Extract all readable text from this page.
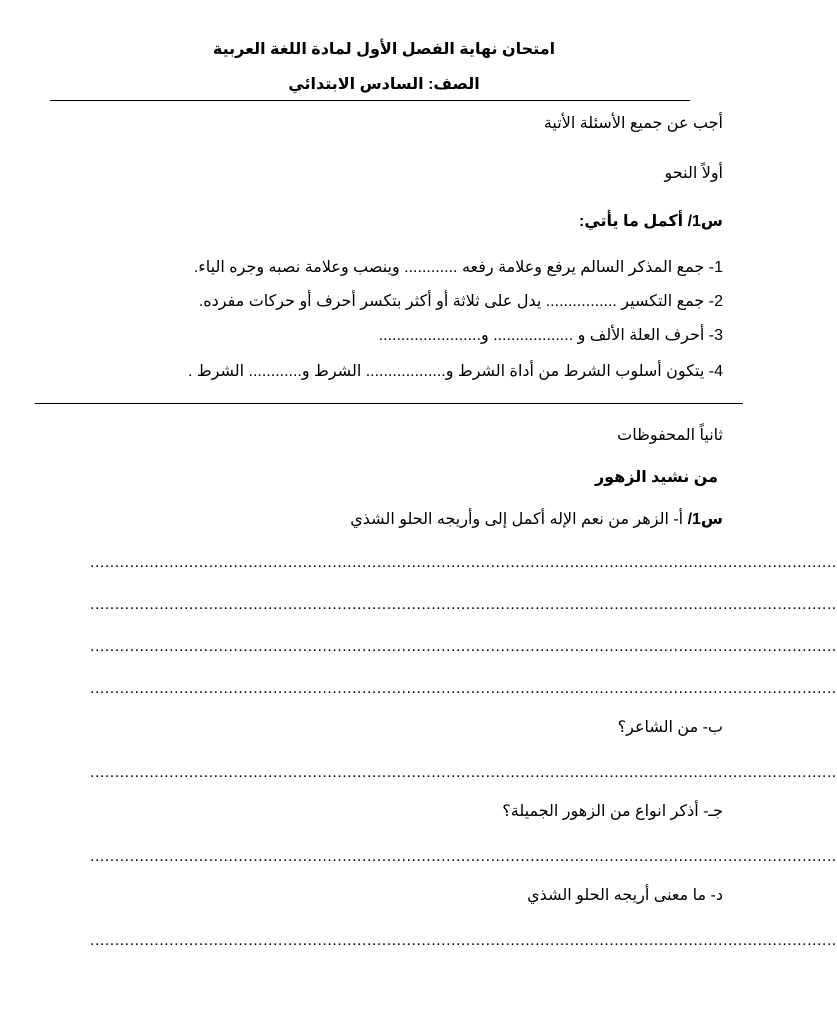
امتحان نهاية الفصل الأول لمادة اللغة العربية
الصف: السادس الابتدائي
أجب عن جميع الأسئلة الأتية
أولاً النحو
س1/ أكمل ما يأتي:
1- جمع المذكر السالم يرفع وعلامة رفعه ............ وينصب وعلامة نصبه وجره الياء.
2- جمع التكسير ................ يدل على ثلاثة أو أكثر بتكسر أحرف أو حركات مفرده.
3- أحرف العلة الألف و .................. و.......................
4- يتكون أسلوب الشرط من أداة الشرط و.................. الشرط و............ الشرط .
ثانياً المحفوظات
من نشيد الزهور
س1/ أ- الزهر من نعم الإله أكمل إلى وأريجه الحلو الشذي
.......................................................................................................................................................
.......................................................................................................................................................
.......................................................................................................................................................
.......................................................................................................................................................
ب- من الشاعر؟
.......................................................................................................................................................
جـ- أذكر انواع من الزهور الجميلة؟
.......................................................................................................................................................
د- ما معنى أريجه الحلو الشذي
.......................................................................................................................................................
